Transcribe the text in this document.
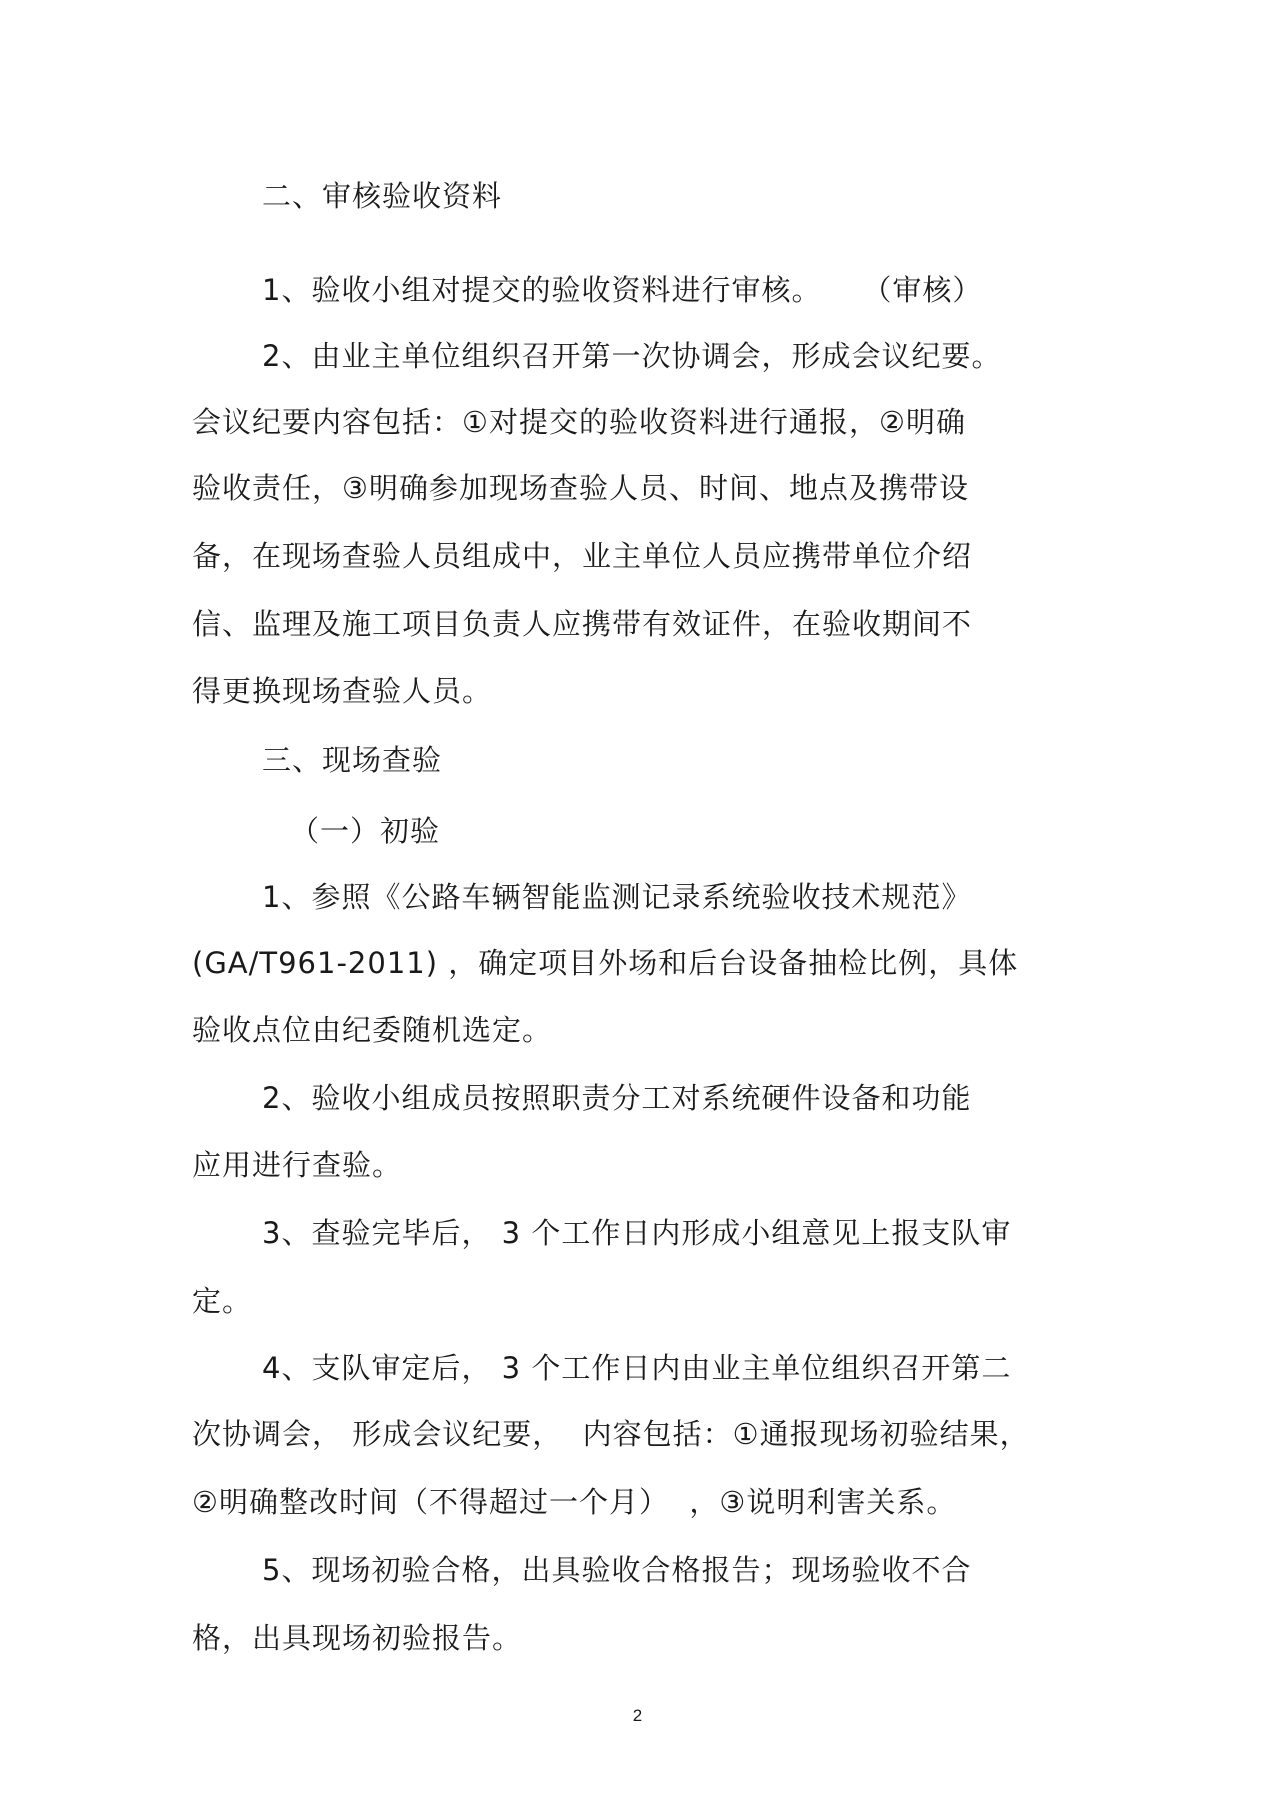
二、审核验收资料
1、验收小组对提交的验收资料进行审核。    （审核）
2、由业主单位组织召开第一次协调会，形成会议纪要。
会议纪要内容包括：①对提交的验收资料进行通报，②明确
验收责任，③明确参加现场查验人员、时间、地点及携带设
备，在现场查验人员组成中，业主单位人员应携带单位介绍
信、监理及施工项目负责人应携带有效证件，在验收期间不
得更换现场查验人员。
三、现场查验
（一）初验
1、参照《公路车辆智能监测记录系统验收技术规范》
(GA/T961-2011) ，确定项目外场和后台设备抽检比例，具体
验收点位由纪委随机选定。
2、验收小组成员按照职责分工对系统硬件设备和功能
应用进行查验。
3、查验完毕后， 3 个工作日内形成小组意见上报支队审
定。
4、支队审定后， 3 个工作日内由业主单位组织召开第二
次协调会， 形成会议纪要，  内容包括：①通报现场初验结果，
②明确整改时间（不得超过一个月）  ，③说明利害关系。
5、现场初验合格，出具验收合格报告；现场验收不合
格，出具现场初验报告。
2
